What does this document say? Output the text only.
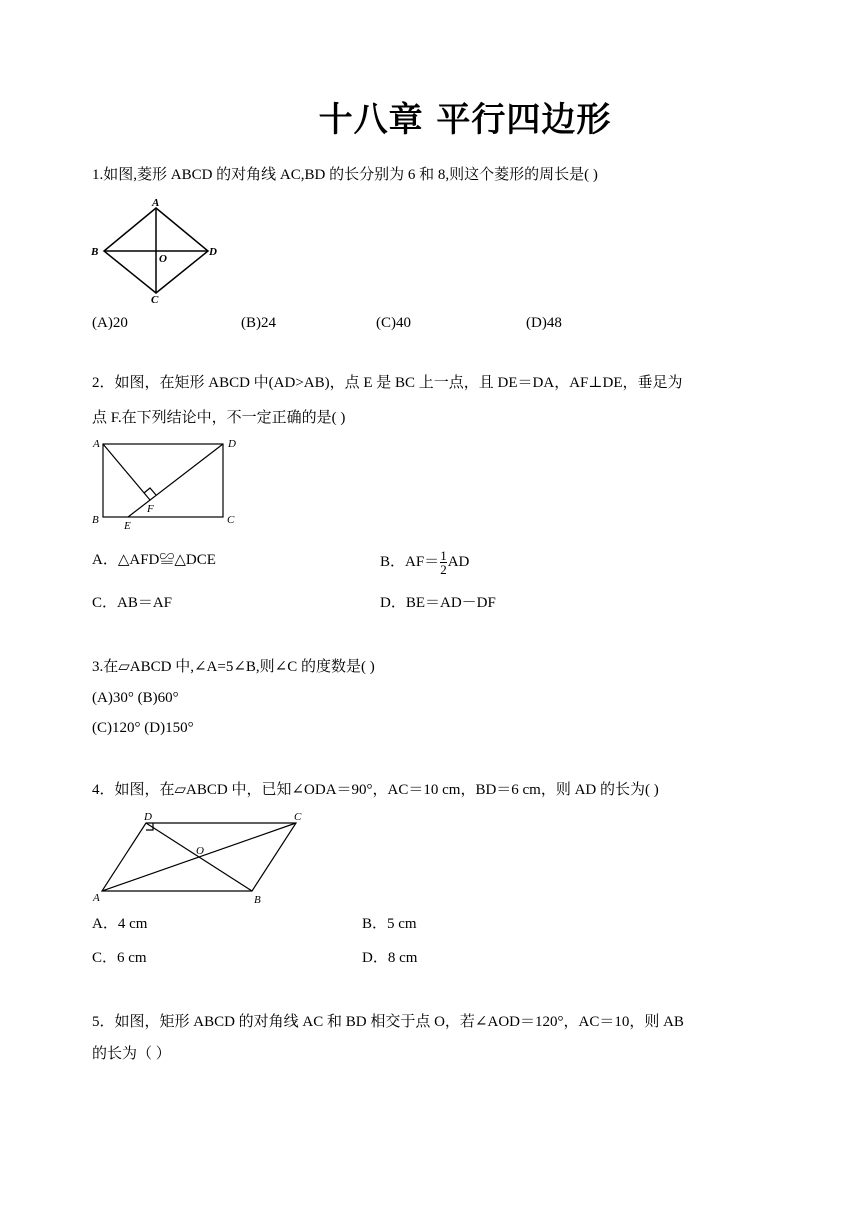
十八章 平行四边形
1.如图,菱形 ABCD 的对角线 AC,BD 的长分别为 6 和 8,则这个菱形的周长是( )
A
B
C
D
O
(A)20	(B)24	(C)40	(D)48
2．如图，在矩形 ABCD 中(AD>AB)，点 E 是 BC 上一点，且 DE＝DA，AF⊥DE，垂足为
点 F.在下列结论中，不一定正确的是( )
A
B	C
D
E
F
A．△AFD≌△DCE	B．$AF= \frac{1}{2}$ AD
C．AB＝AF	D．BE＝AD－DF
3.在▱ABCD 中,∠A=5∠B,则∠C 的度数是( )
(A)30° (B)60°
(C)120° (D)150°
4．如图，在▱ABCD 中，已知∠ODA＝90°，AC＝10 cm，BD＝6 cm，则 AD 的长为( )
A	B
C
D
O
A．4 cm	B．5 cm
C．6 cm	D．8 cm
5．如图，矩形 ABCD 的对角线 AC 和 BD 相交于点 O，若∠AOD＝120°，AC＝10，则 AB
的长为（ ）
